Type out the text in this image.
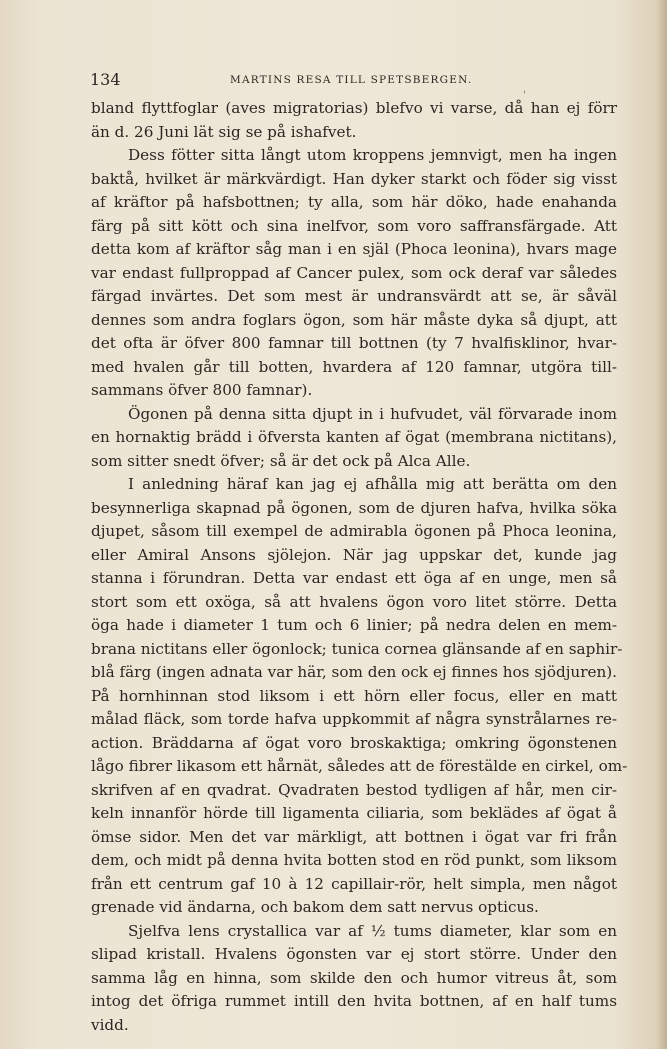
134	MARTINS RESA TILL SPETSBERGEN.
'
bland flyttfoglar (aves migratorias) blefvo vi varse, då han ej förr
än d. 26 Juni lät sig se på ishafvet.
Dess fötter sitta långt utom kroppens jemnvigt, men ha ingen
baktå, hvilket är märkvärdigt. Han dyker starkt och föder sig visst
af kräftor på hafsbottnen; ty alla, som här döko, hade enahanda
färg på sitt kött och sina inelfvor, som voro saffransfärgade. Att
detta kom af kräftor såg man i en själ (Phoca leonina), hvars mage
var endast fullproppad af Cancer pulex, som ock deraf var således
färgad invärtes. Det som mest är undransvärdt att se, är såväl
dennes som andra foglars ögon, som här måste dyka så djupt, att
det ofta är öfver 800 famnar till bottnen (ty 7 hvalfisklinor, hvar-
med hvalen går till botten, hvardera af 120 famnar, utgöra till-
sammans öfver 800 famnar).
Ögonen på denna sitta djupt in i hufvudet, väl förvarade inom
en hornaktig brädd i öfversta kanten af ögat (membrana nictitans),
som sitter snedt öfver; så är det ock på Alca Alle.
I anledning häraf kan jag ej afhålla mig att berätta om den
besynnerliga skapnad på ögonen, som de djuren hafva, hvilka söka
djupet, såsom till exempel de admirabla ögonen på Phoca leonina,
eller Amiral Ansons sjölejon. När jag uppskar det, kunde jag
stanna i förundran. Detta var endast ett öga af en unge, men så
stort som ett oxöga, så att hvalens ögon voro litet större. Detta
öga hade i diameter 1 tum och 6 linier; på nedra delen en mem-
brana nictitans eller ögonlock; tunica cornea glänsande af en saphir-
blå färg (ingen adnata var här, som den ock ej finnes hos sjödjuren).
På hornhinnan stod liksom i ett hörn eller focus, eller en matt
målad fläck, som torde hafva uppkommit af några synstrålarnes re-
action. Bräddarna af ögat voro broskaktiga; omkring ögonstenen
lågo fibrer likasom ett hårnät, således att de förestälde en cirkel, om-
skrifven af en qvadrat. Qvadraten bestod tydligen af hår, men cir-
keln innanför hörde till ligamenta ciliaria, som beklädes af ögat å
ömse sidor. Men det var märkligt, att bottnen i ögat var fri från
dem, och midt på denna hvita botten stod en röd punkt, som liksom
från ett centrum gaf 10 à 12 capillair-rör, helt simpla, men något
grenade vid ändarna, och bakom dem satt nervus opticus.
Sjelfva lens crystallica var af ½ tums diameter, klar som en
slipad kristall. Hvalens ögonsten var ej stort större. Under den
samma låg en hinna, som skilde den och humor vitreus åt, som
intog det öfriga rummet intill den hvita bottnen, af en half tums
vidd.
